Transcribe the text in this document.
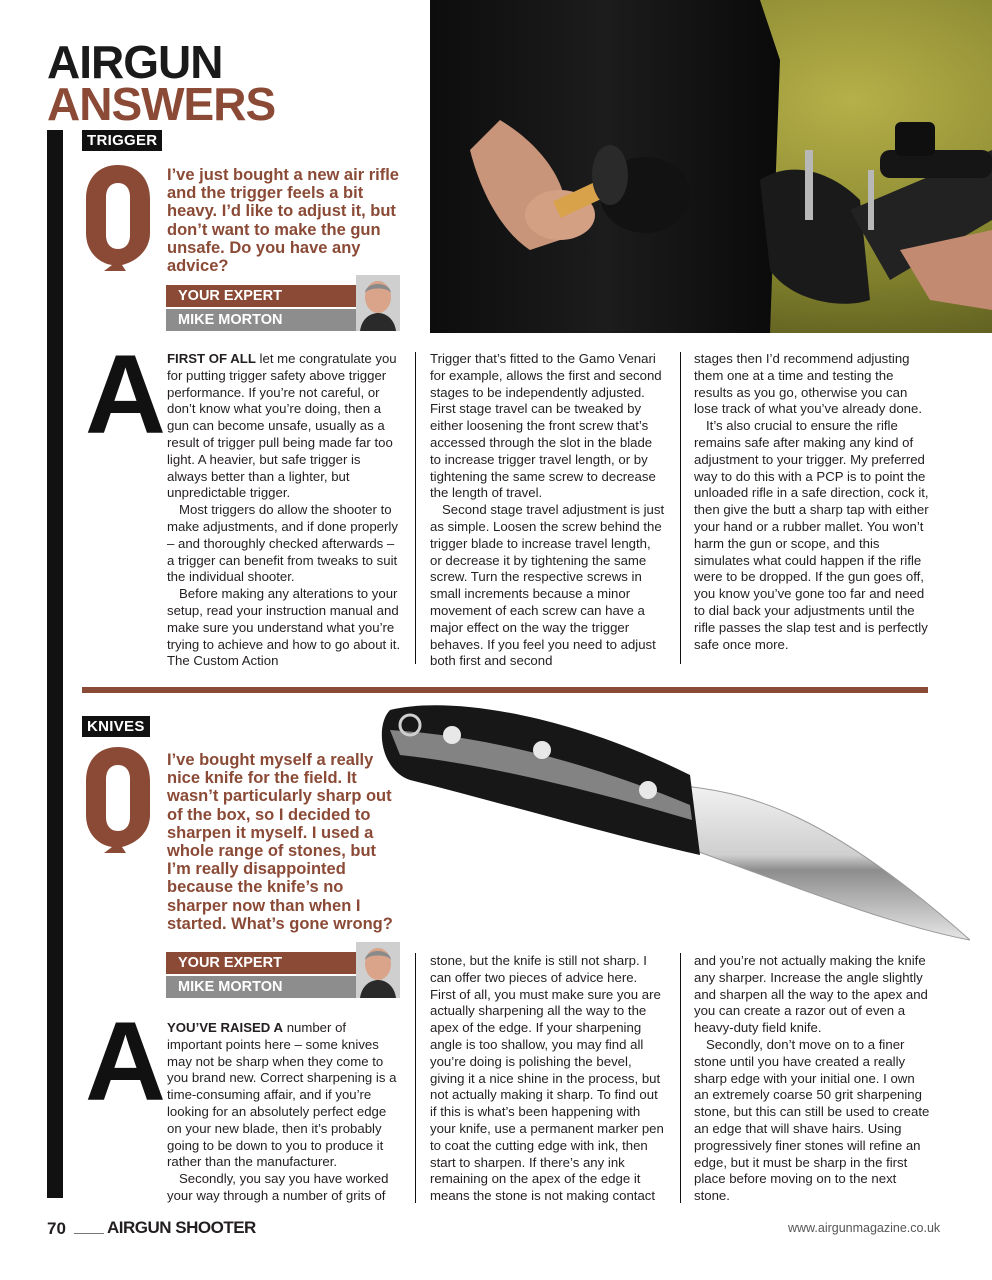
AIRGUN
ANSWERS
TRIGGER
I’ve just bought a new air rifle and the trigger feels a bit heavy. I’d like to adjust it, but don’t want to make the gun unsafe. Do you have any advice?
YOUR EXPERT
MIKE MORTON
A FIRST OF ALL let me congratulate you for putting trigger safety above trigger performance. If you’re not careful, or don’t know what you’re doing, then a gun can become unsafe, usually as a result of trigger pull being made far too light. A heavier, but safe trigger is always better than a lighter, but unpredictable trigger.

Most triggers do allow the shooter to make adjustments, and if done properly – and thoroughly checked afterwards – a trigger can benefit from tweaks to suit the individual shooter.

Before making any alterations to your setup, read your instruction manual and make sure you understand what you’re trying to achieve and how to go about it. The Custom Action

Trigger that’s fitted to the Gamo Venari for example, allows the first and second stages to be independently adjusted. First stage travel can be tweaked by either loosening the front screw that’s accessed through the slot in the blade to increase trigger travel length, or by tightening the same screw to decrease the length of travel.

Second stage travel adjustment is just as simple. Loosen the screw behind the trigger blade to increase travel length, or decrease it by tightening the same screw. Turn the respective screws in small increments because a minor movement of each screw can have a major effect on the way the trigger behaves. If you feel you need to adjust both first and second

stages then I’d recommend adjusting them one at a time and testing the results as you go, otherwise you can lose track of what you’ve already done.

It’s also crucial to ensure the rifle remains safe after making any kind of adjustment to your trigger. My preferred way to do this with a PCP is to point the unloaded rifle in a safe direction, cock it, then give the butt a sharp tap with either your hand or a rubber mallet. You won’t harm the gun or scope, and this simulates what could happen if the rifle were to be dropped. If the gun goes off, you know you’ve gone too far and need to dial back your adjustments until the rifle passes the slap test and is perfectly safe once more.

KNIVES
I’ve bought myself a really nice knife for the field. It wasn’t particularly sharp out of the box, so I decided to sharpen it myself. I used a whole range of stones, but I’m really disappointed because the knife’s no sharper now than when I started. What’s gone wrong?
YOUR EXPERT
MIKE MORTON
A YOU’VE RAISED A number of important points here – some knives may not be sharp when they come to you brand new. Correct sharpening is a time-consuming affair, and if you’re looking for an absolutely perfect edge on your new blade, then it’s probably going to be down to you to produce it rather than the manufacturer.

Secondly, you say you have worked your way through a number of grits of

stone, but the knife is still not sharp. I can offer two pieces of advice here. First of all, you must make sure you are actually sharpening all the way to the apex of the edge. If your sharpening angle is too shallow, you may find all you’re doing is polishing the bevel, giving it a nice shine in the process, but not actually making it sharp. To find out if this is what’s been happening with your knife, use a permanent marker pen to coat the cutting edge with ink, then start to sharpen. If there’s any ink remaining on the apex of the edge it means the stone is not making contact

and you’re not actually making the knife any sharper. Increase the angle slightly and sharpen all the way to the apex and you can create a razor out of even a heavy-duty field knife.

Secondly, don’t move on to a finer stone until you have created a really sharp edge with your initial one. I own an extremely coarse 50 grit sharpening stone, but this can still be used to create an edge that will shave hairs. Using progressively finer stones will refine an edge, but it must be sharp in the first place before moving on to the next stone.

70 AIRGUN SHOOTER	www.airgunmagazine.co.uk
